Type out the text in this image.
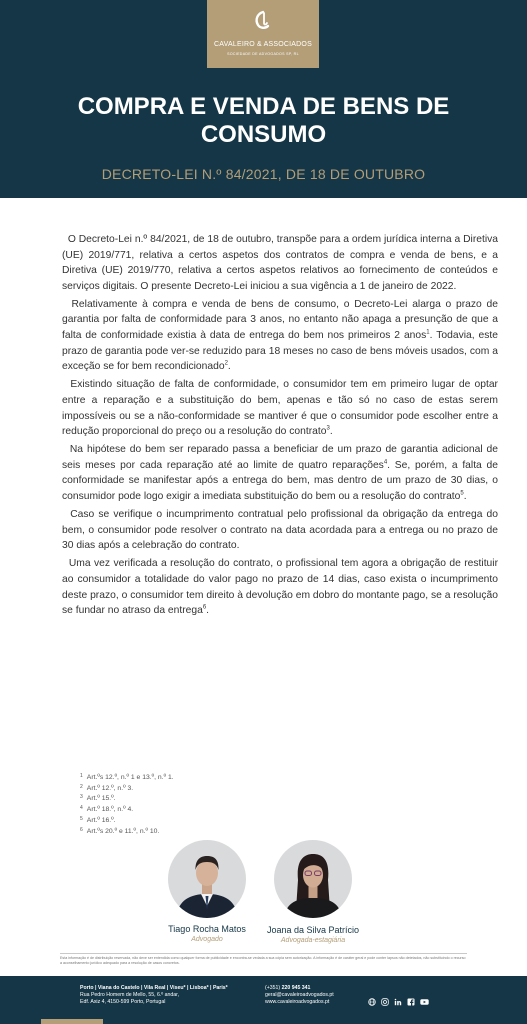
CAVALEIRO & ASSOCIADOS
SOCIEDADE DE ADVOGADOS SP, RL
COMPRA E VENDA DE BENS DE
CONSUMO
DECRETO-LEI N.º 84/2021, DE 18 DE OUTUBRO

O Decreto-Lei n.º 84/2021, de 18 de outubro, transpõe para a ordem jurídica interna a Diretiva (UE) 2019/771, relativa a certos aspetos dos contratos de compra e venda de bens, e a Diretiva (UE) 2019/770, relativa a certos aspetos relativos ao fornecimento de conteúdos e serviços digitais. O presente Decreto-Lei iniciou a sua vigência a 1 de janeiro de 2022.

Relativamente à compra e venda de bens de consumo, o Decreto-Lei alarga o prazo de garantia por falta de conformidade para 3 anos, no entanto não apaga a presunção de que a falta de conformidade existia à data de entrega do bem nos primeiros 2 anos$^1$. Todavia, este prazo de garantia pode ver-se reduzido para 18 meses no caso de bens móveis usados, com a exceção se for bem recondicionado$^2$.

Existindo situação de falta de conformidade, o consumidor tem em primeiro lugar de optar entre a reparação e a substituição do bem, apenas e tão só no caso de estas serem impossíveis ou se a não-conformidade se mantiver é que o consumidor pode escolher entre a redução proporcional do preço ou a resolução do contrato$^3$.

Na hipótese do bem ser reparado passa a beneficiar de um prazo de garantia adicional de seis meses por cada reparação até ao limite de quatro reparações$^4$. Se, porém, a falta de conformidade se manifestar após a entrega do bem, mas dentro de um prazo de 30 dias, o consumidor pode logo exigir a imediata substituição do bem ou a resolução do contrato$^5$.

Caso se verifique o incumprimento contratual pelo profissional da obrigação da entrega do bem, o consumidor pode resolver o contrato na data acordada para a entrega ou no prazo de 30 dias após a celebração do contrato.

Uma vez verificada a resolução do contrato, o profissional tem agora a obrigação de restituir ao consumidor a totalidade do valor pago no prazo de 14 dias, caso exista o incumprimento deste prazo, o consumidor tem direito à devolução em dobro do montante pago, se a resolução se fundar no atraso da entrega$^6$.

$^1$ Art.ºs 12.º, n.º 1 e 13.º, n.º 1.
$^2$ Art.º 12.º, n.º 3.
$^3$ Art.º 15.º.
$^4$ Art.º 18.º, n.º 4.
$^5$ Art.º 16.º.
$^6$ Art.ºs 20.º e 11.º, n.º 10.
Tiago Rocha Matos
Advogado
Joana da Silva Patrício
Advogada-estagiária
Esta informação é de distribuição reservada, não deve ser entendida como qualquer forma de publicidade e encontra-se vedada a sua cópia sem autorização. A informação é de caráter geral e pode conter lapsos não detetados, não substituindo o recurso a aconselhamento jurídico adequado para a resolução de casos concretos.
Porto | Viana do Castelo | Vila Real | Viseu* | Lisboa* | Paris*
Rua Pedro Homem de Mello, 55, 6.º andar,
Edf. Axiz 4, 4150-599 Porto, Portugal
(+351) 220 945 341
geral@cavaleiroadvogados.pt
www.cavaleiroadvogados.pt
